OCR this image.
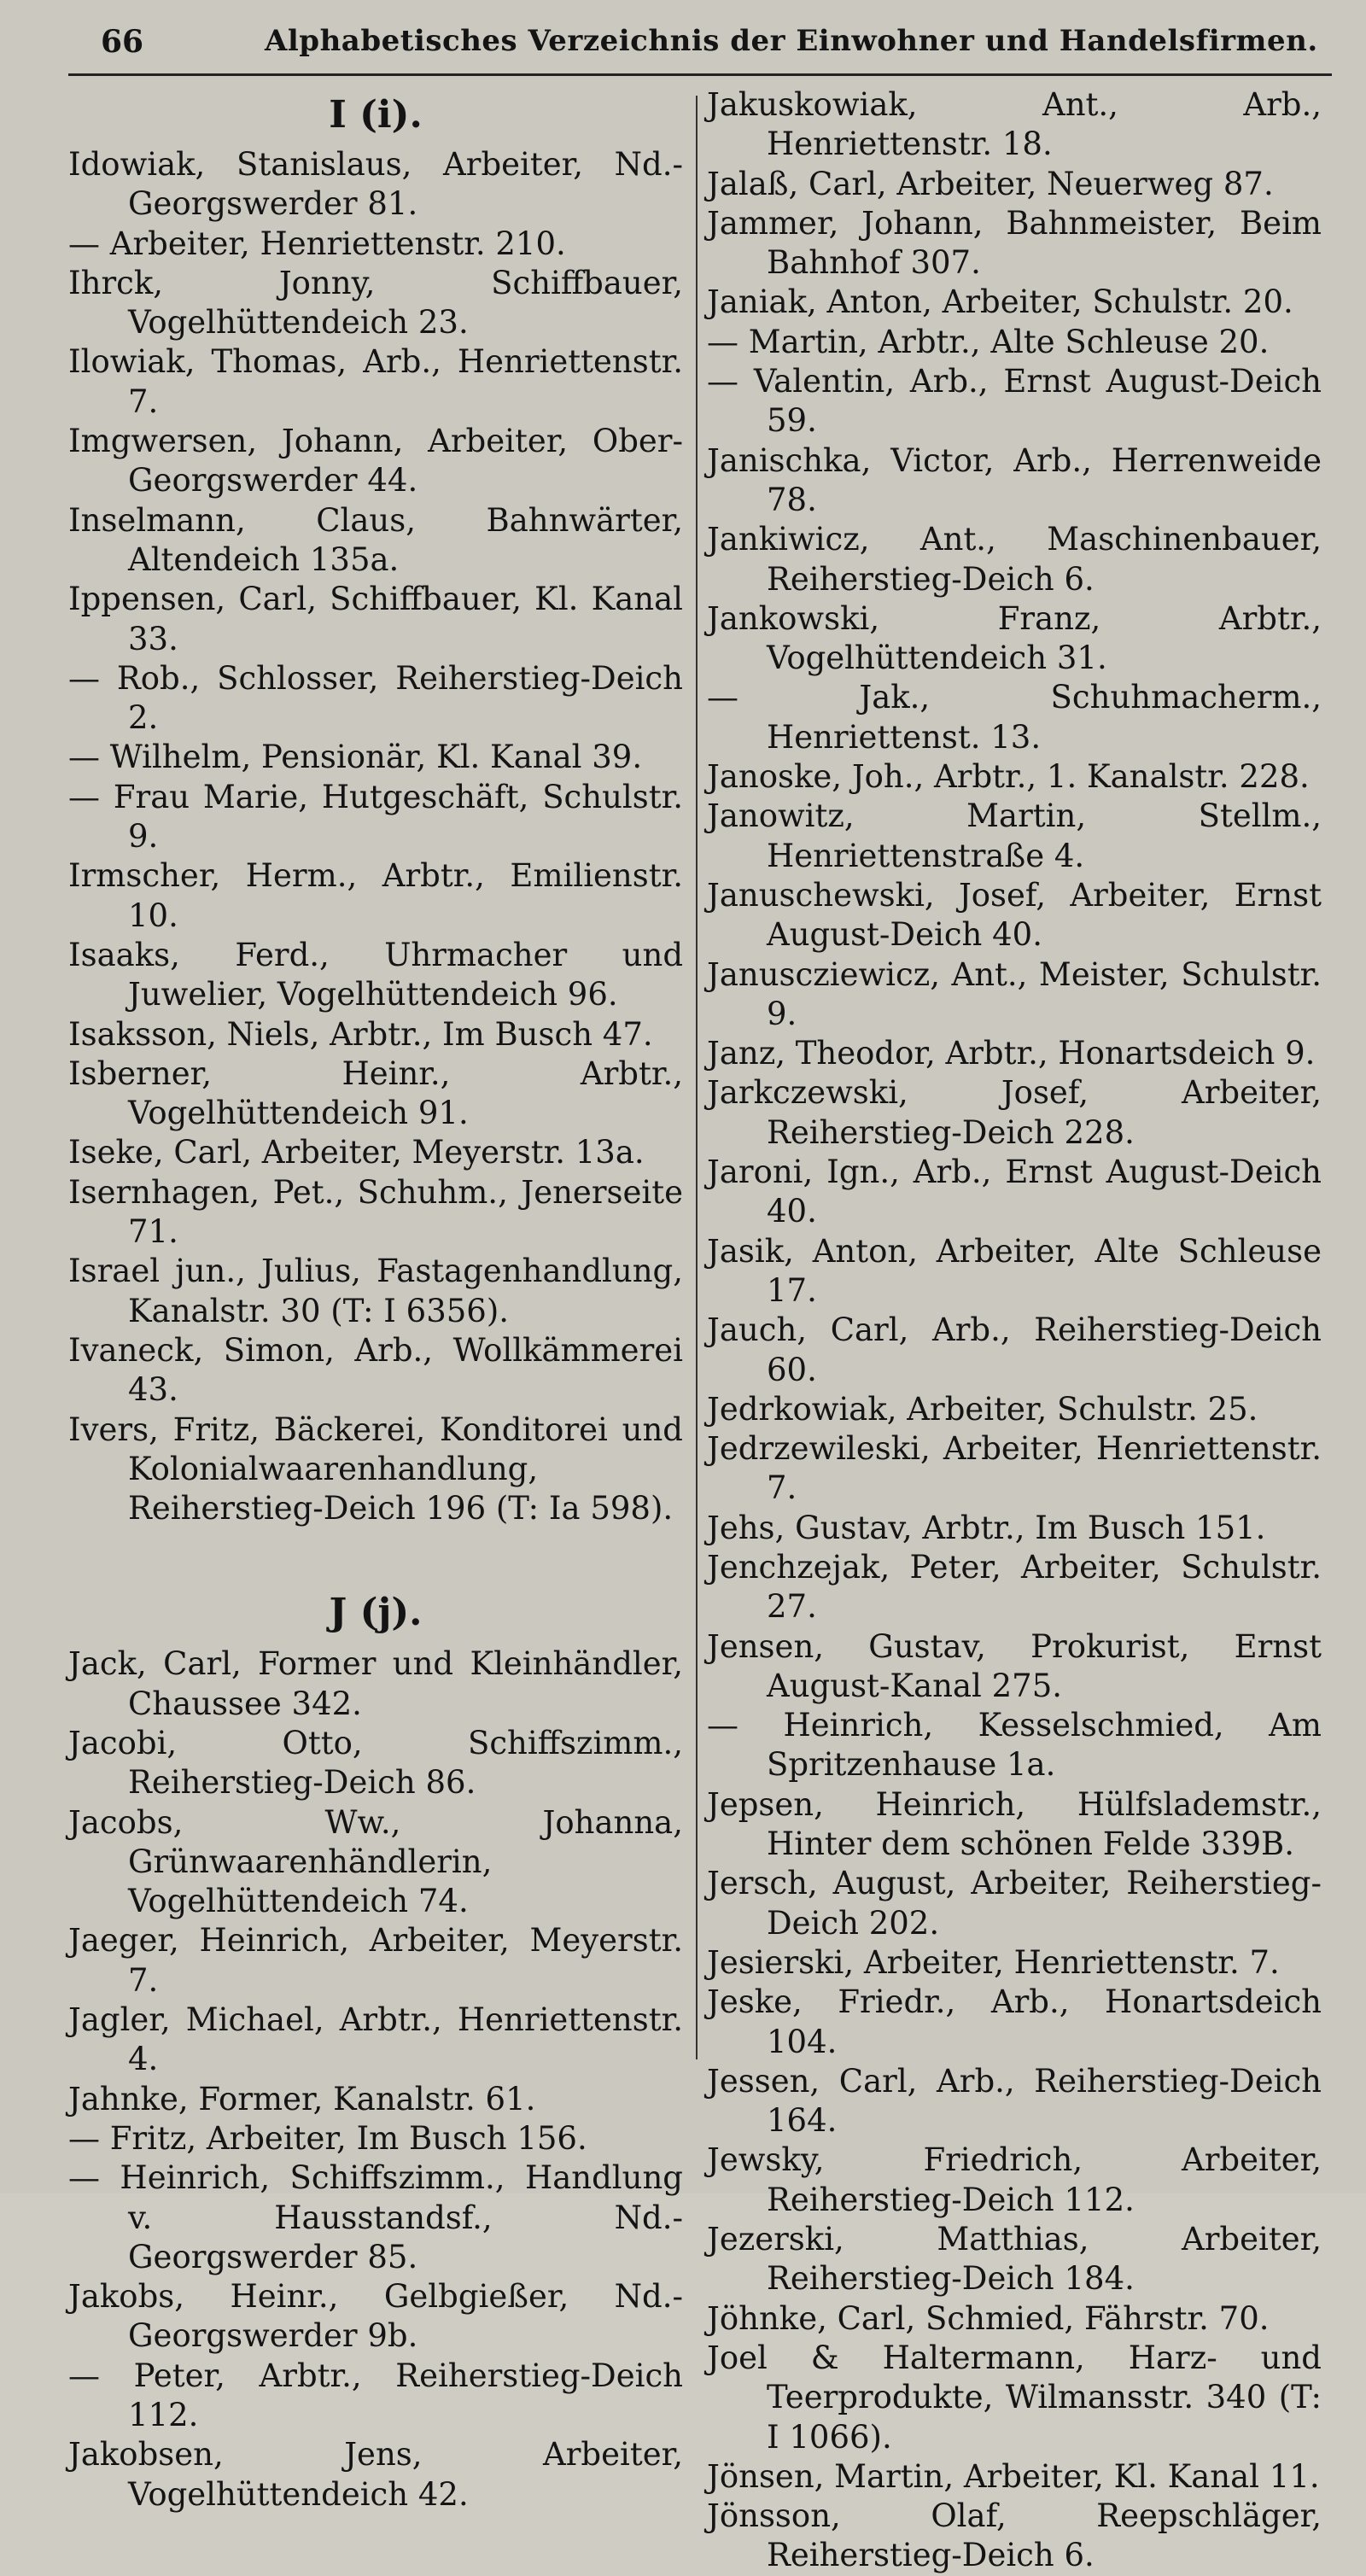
66	Alphabetisches Verzeichnis der Einwohner und Handelsfirmen.

I (i).

Idowiak, Stanislaus, Arbeiter, Nd.-Georgswerder 81.

— Arbeiter, Henriettenstr. 210.

Ihrck, Jonny, Schiffbauer, Vogelhüttendeich 23.

Ilowiak, Thomas, Arb., Henriettenstr. 7.

Imgwersen, Johann, Arbeiter, Ober-Georgswerder 44.

Inselmann, Claus, Bahnwärter, Altendeich 135a.

Ippensen, Carl, Schiffbauer, Kl. Kanal 33.

— Rob., Schlosser, Reiherstieg-Deich 2.

— Wilhelm, Pensionär, Kl. Kanal 39.

— Frau Marie, Hutgeschäft, Schulstr. 9.

Irmscher, Herm., Arbtr., Emilienstr. 10.

Isaaks, Ferd., Uhrmacher und Juwelier, Vogelhüttendeich 96.

Isaksson, Niels, Arbtr., Im Busch 47.

Isberner, Heinr., Arbtr., Vogelhüttendeich 91.

Iseke, Carl, Arbeiter, Meyerstr. 13a.

Isernhagen, Pet., Schuhm., Jenerseite 71.

Israel jun., Julius, Fastagenhandlung, Kanalstr. 30 (T: I 6356).

Ivaneck, Simon, Arb., Wollkämmerei 43.

Ivers, Fritz, Bäckerei, Konditorei und Kolonialwaarenhandlung, Reiherstieg-Deich 196 (T: Ia 598).

J (j).

Jack, Carl, Former und Kleinhändler, Chaussee 342.

Jacobi, Otto, Schiffszimm., Reiherstieg-Deich 86.

Jacobs, Ww., Johanna, Grünwaarenhändlerin, Vogelhüttendeich 74.

Jaeger, Heinrich, Arbeiter, Meyerstr. 7.

Jagler, Michael, Arbtr., Henriettenstr. 4.

Jahnke, Former, Kanalstr. 61.

— Fritz, Arbeiter, Im Busch 156.

— Heinrich, Schiffszimm., Handlung v. Hausstandsf., Nd.-Georgswerder 85.

Jakobs, Heinr., Gelbgießer, Nd.-Georgswerder 9b.

— Peter, Arbtr., Reiherstieg-Deich 112.

Jakobsen, Jens, Arbeiter, Vogelhüttendeich 42.

Jakuskowiak, Ant., Arb., Henriettenstr. 18.

Jalaß, Carl, Arbeiter, Neuerweg 87.

Jammer, Johann, Bahnmeister, Beim Bahnhof 307.

Janiak, Anton, Arbeiter, Schulstr. 20.

— Martin, Arbtr., Alte Schleuse 20.

— Valentin, Arb., Ernst August-Deich 59.

Janischka, Victor, Arb., Herrenweide 78.

Jankiwicz, Ant., Maschinenbauer, Reiherstieg-Deich 6.

Jankowski, Franz, Arbtr., Vogelhüttendeich 31.

— Jak., Schuhmacherm., Henriettenst. 13.

Janoske, Joh., Arbtr., 1. Kanalstr. 228.

Janowitz, Martin, Stellm., Henriettenstraße 4.

Januschewski, Josef, Arbeiter, Ernst August-Deich 40.

Januscziewicz, Ant., Meister, Schulstr. 9.

Janz, Theodor, Arbtr., Honartsdeich 9.

Jarkczewski, Josef, Arbeiter, Reiherstieg-Deich 228.

Jaroni, Ign., Arb., Ernst August-Deich 40.

Jasik, Anton, Arbeiter, Alte Schleuse 17.

Jauch, Carl, Arb., Reiherstieg-Deich 60.

Jedrkowiak, Arbeiter, Schulstr. 25.

Jedrzewileski, Arbeiter, Henriettenstr. 7.

Jehs, Gustav, Arbtr., Im Busch 151.

Jenchzejak, Peter, Arbeiter, Schulstr. 27.

Jensen, Gustav, Prokurist, Ernst August-Kanal 275.

— Heinrich, Kesselschmied, Am Spritzenhause 1a.

Jepsen, Heinrich, Hülfslademstr., Hinter dem schönen Felde 339B.

Jersch, August, Arbeiter, Reiherstieg-Deich 202.

Jesierski, Arbeiter, Henriettenstr. 7.

Jeske, Friedr., Arb., Honartsdeich 104.

Jessen, Carl, Arb., Reiherstieg-Deich 164.

Jewsky, Friedrich, Arbeiter, Reiherstieg-Deich 112.

Jezerski, Matthias, Arbeiter, Reiherstieg-Deich 184.

Jöhnke, Carl, Schmied, Fährstr. 70.

Joel & Haltermann, Harz- und Teerprodukte, Wilmansstr. 340 (T: I 1066).

Jönsen, Martin, Arbeiter, Kl. Kanal 11.

Jönsson, Olaf, Reepschläger, Reiherstieg-Deich 6.
